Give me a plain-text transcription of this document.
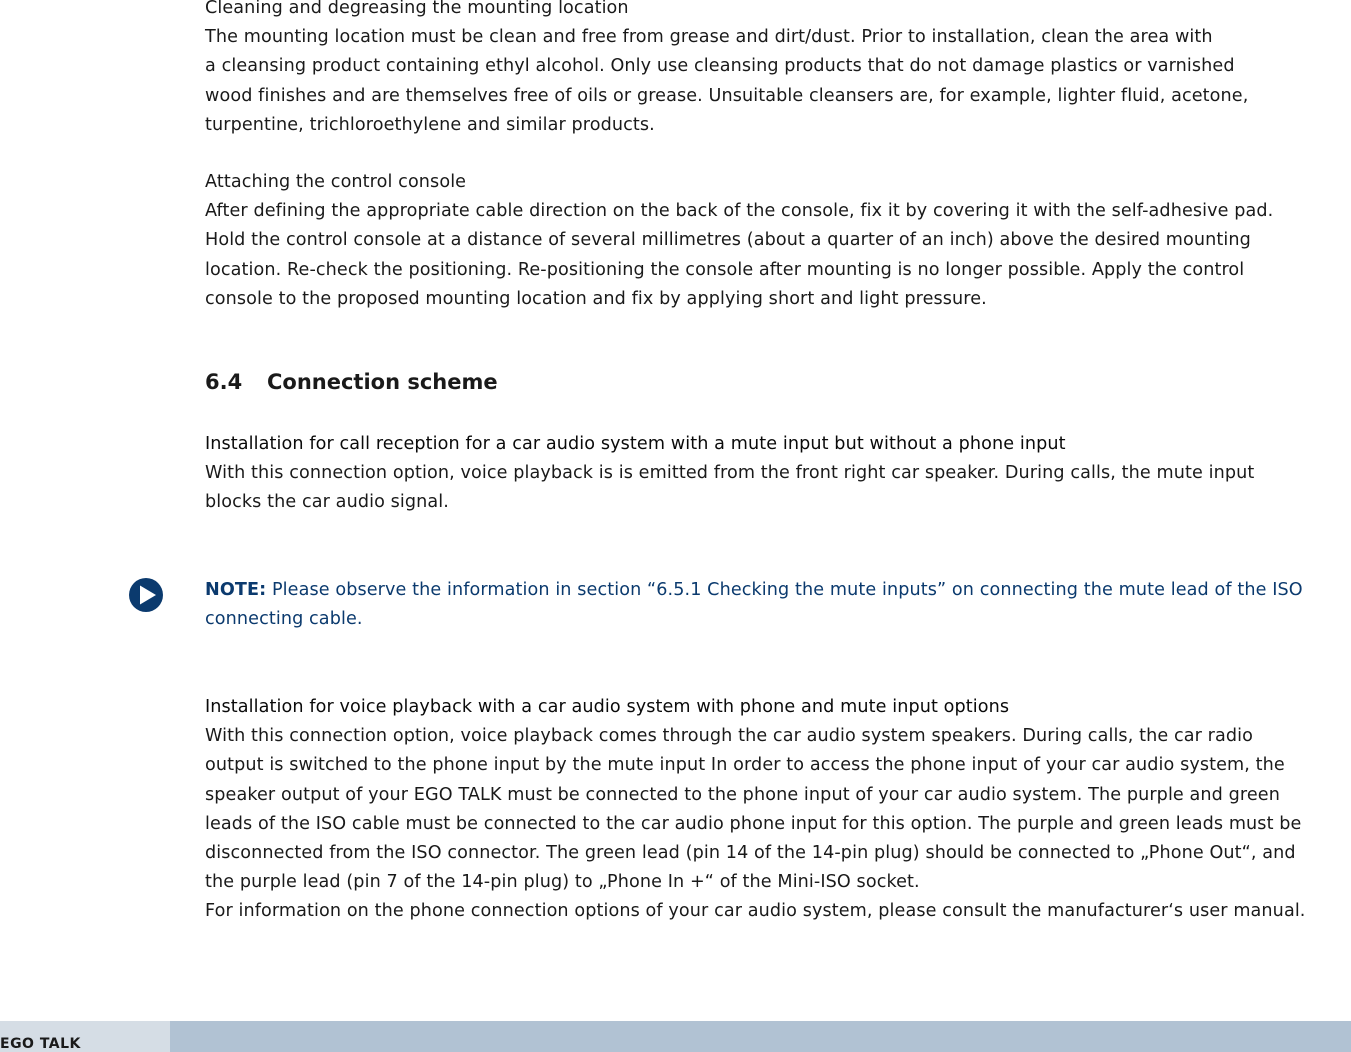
Cleaning and degreasing the mounting location
The mounting location must be clean and free from grease and dirt/dust. Prior to installation, clean the area with
a cleansing product containing ethyl alcohol. Only use cleansing products that do not damage plastics or varnished
wood finishes and are themselves free of oils or grease. Unsuitable cleansers are, for example, lighter fluid, acetone,
turpentine, trichloroethylene and similar products.
Attaching the control console
After defining the appropriate cable direction on the back of the console, fix it by covering it with the self-adhesive pad.
Hold the control console at a distance of several millimetres (about a quarter of an inch) above the desired mounting
location. Re-check the positioning. Re-positioning the console after mounting is no longer possible. Apply the control
console to the proposed mounting location and fix by applying short and light pressure.
6.4 Connection scheme
Installation for call reception for a car audio system with a mute input but without a phone input
With this connection option, voice playback is is emitted from the front right car speaker. During calls, the mute input
blocks the car audio signal.
NOTE: Please observe the information in section “6.5.1 Checking the mute inputs” on connecting the mute lead of the ISO
connecting cable.
Installation for voice playback with a car audio system with phone and mute input options
With this connection option, voice playback comes through the car audio system speakers. During calls, the car radio
output is switched to the phone input by the mute input In order to access the phone input of your car audio system, the
speaker output of your EGO TALK must be connected to the phone input of your car audio system. The purple and green
leads of the ISO cable must be connected to the car audio phone input for this option. The purple and green leads must be
disconnected from the ISO connector. The green lead (pin 14 of the 14-pin plug) should be connected to „Phone Out“, and
the purple lead (pin 7 of the 14-pin plug) to „Phone In +“ of the Mini-ISO socket.
For information on the phone connection options of your car audio system, please consult the manufacturer‘s user manual.
EGO TALK
